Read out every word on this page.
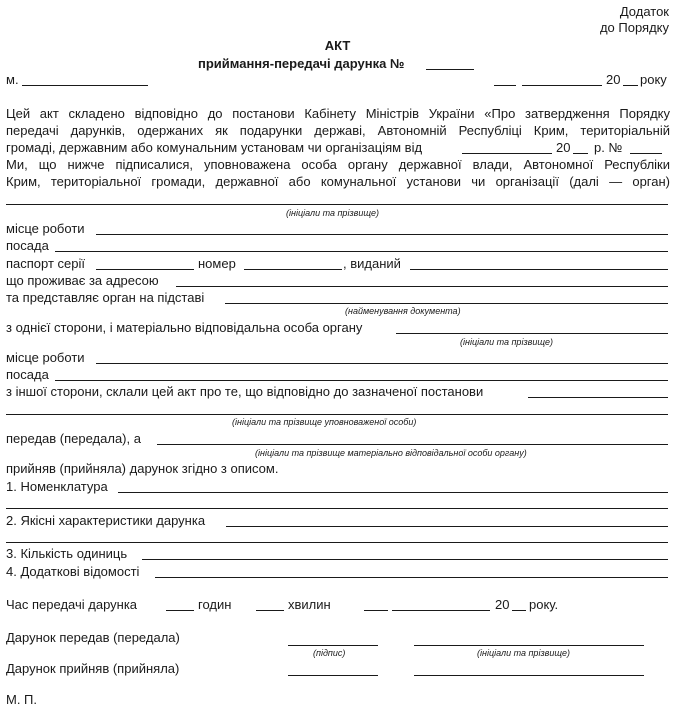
Додаток
до Порядку
АКТ
приймання-передачі дарунка №
м.	20 року
Цей акт складено відповідно до постанови Кабінету Міністрів України «Про затвердження Порядку
передачі дарунків, одержаних як подарунки державі, Автономній Республіці Крим, територіальній
громаді, державним або комунальним установам чи організаціям від	20 р. №
Ми, що нижче підписалися, уповноважена особа органу державної влади, Автономної Республіки
Крим, територіальної громади, державної або комунальної установи чи організації (далі — орган)
(ініціали та прізвище)
місце роботи
посада
паспорт серії	номер	, виданий
що проживає за адресою
та представляє орган на підставі
(найменування документа)
з однієї сторони, і матеріально відповідальна особа органу
(ініціали та прізвище)
місце роботи
посада
з іншої сторони, склали цей акт про те, що відповідно до зазначеної постанови
(ініціали та прізвище уповноваженої особи)
передав (передала), а
(ініціали та прізвище матеріально відповідальної особи органу)
прийняв (прийняла) дарунок згідно з описом.
1. Номенклатура
2. Якісні характеристики дарунка
3. Кількість одиниць
4. Додаткові відомості
Час передачі дарунка	годин	хвилин	20 року.
Дарунок передав (передала)
(підпис)	(ініціали та прізвище)
Дарунок прийняв (прийняла)
М. П.
